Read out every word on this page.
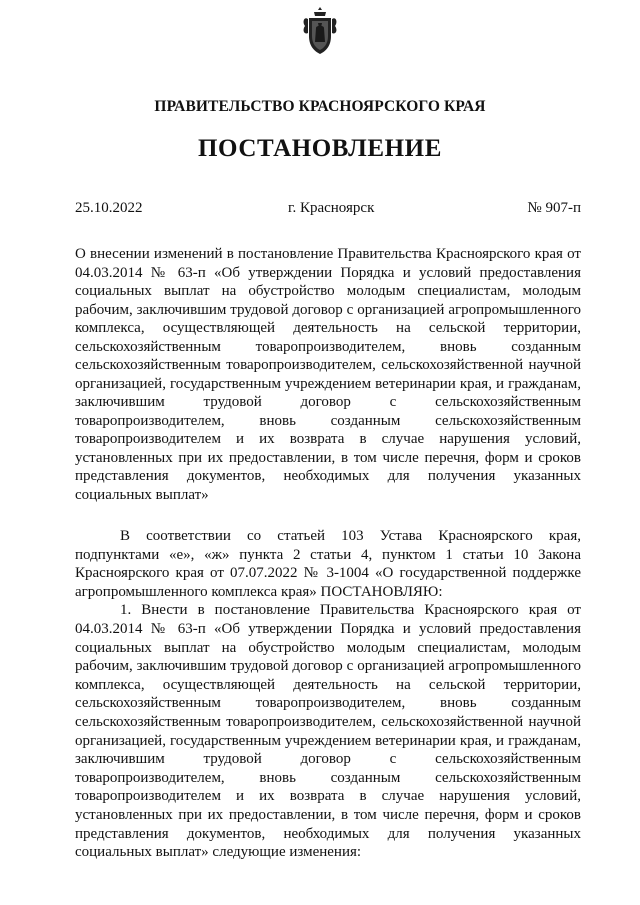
ПРАВИТЕЛЬСТВО КРАСНОЯРСКОГО КРАЯ
ПОСТАНОВЛЕНИЕ
25.10.2022	г. Красноярск	№ 907-п
О внесении изменений в постановление Правительства Красноярского края от 04.03.2014 № 63-п «Об утверждении Порядка и условий предоставления социальных выплат на обустройство молодым специалистам, молодым рабочим, заключившим трудовой договор с организацией агропромышленного комплекса, осуществляющей деятельность на сельской территории, сельскохозяйственным товаропроизводителем, вновь созданным сельскохозяйственным товаропроизводителем, сельскохозяйственной научной организацией, государственным учреждением ветеринарии края, и гражданам, заключившим трудовой договор с сельскохозяйственным товаропроизводителем, вновь созданным сельскохозяйственным товаропроизводителем и их возврата в случае нарушения условий, установленных при их предоставлении, в том числе перечня, форм и сроков представления документов, необходимых для получения указанных социальных выплат»

В соответствии со статьей 103 Устава Красноярского края, подпунктами «е», «ж» пункта 2 статьи 4, пунктом 1 статьи 10 Закона Красноярского края от 07.07.2022 № 3-1004 «О государственной поддержке агропромышленного комплекса края» ПОСТАНОВЛЯЮ:

1. Внести в постановление Правительства Красноярского края от 04.03.2014 № 63-п «Об утверждении Порядка и условий предоставления социальных выплат на обустройство молодым специалистам, молодым рабочим, заключившим трудовой договор с организацией агропромышленного комплекса, осуществляющей деятельность на сельской территории, сельскохозяйственным товаропроизводителем, вновь созданным сельскохозяйственным товаропроизводителем, сельскохозяйственной научной организацией, государственным учреждением ветеринарии края, и гражданам, заключившим трудовой договор с сельскохозяйственным товаропроизводителем, вновь созданным сельскохозяйственным товаропроизводителем и их возврата в случае нарушения условий, установленных при их предоставлении, в том числе перечня, форм и сроков представления документов, необходимых для получения указанных социальных выплат» следующие изменения:
